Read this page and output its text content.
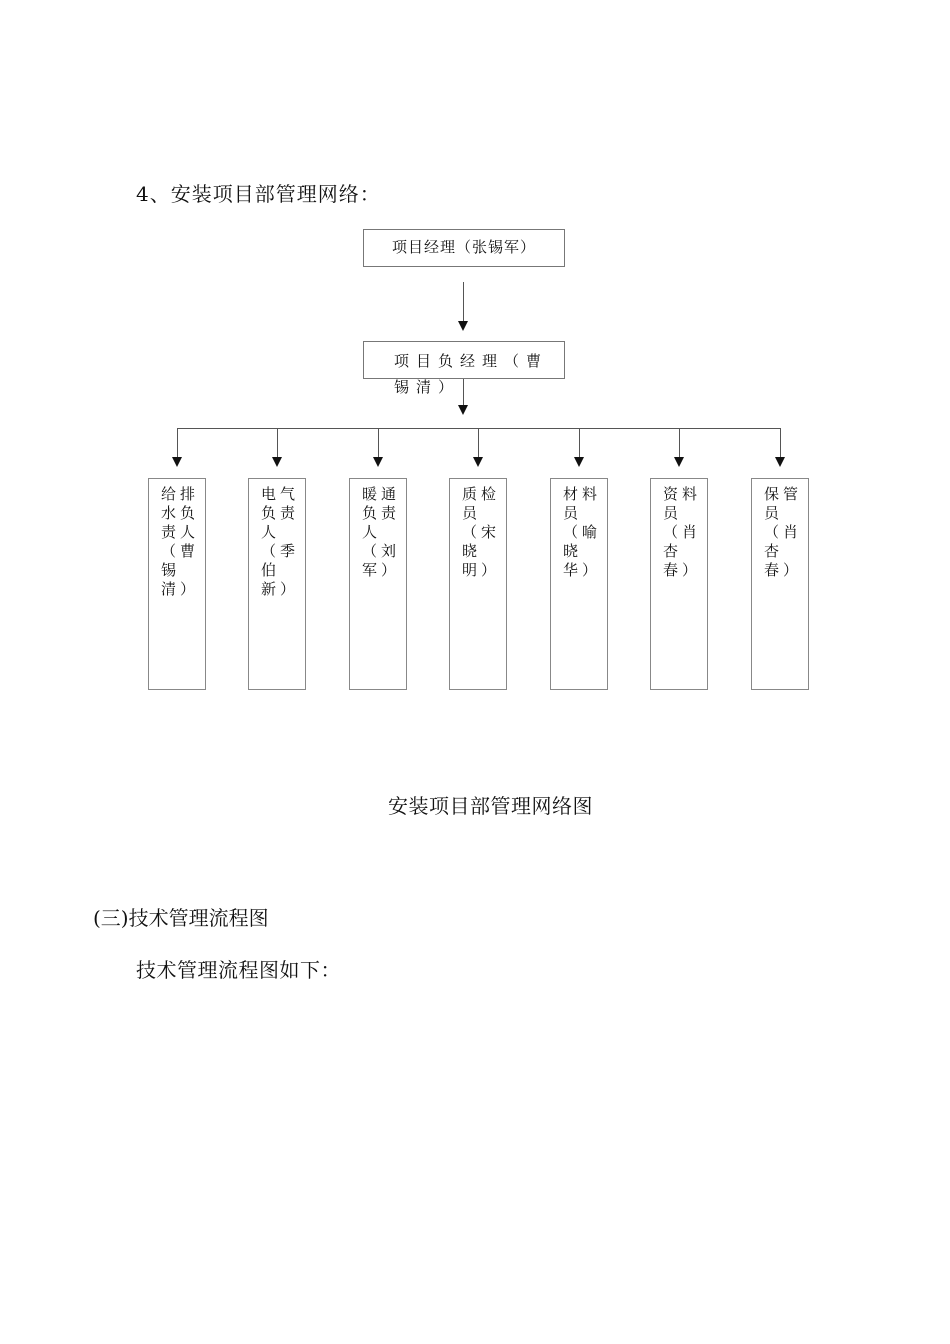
4、安装项目部管理网络：
项目经理（张锡军）
项目负经理（曹锡清）
给排水负责人（曹锡清）
电气负责人（季伯新）
暖通负责人（刘军）
质检员（宋晓明）
材料员（喻晓华）
资料员（肖杏春）
保管员（肖杏春）
安装项目部管理网络图
(三)技术管理流程图
技术管理流程图如下：
